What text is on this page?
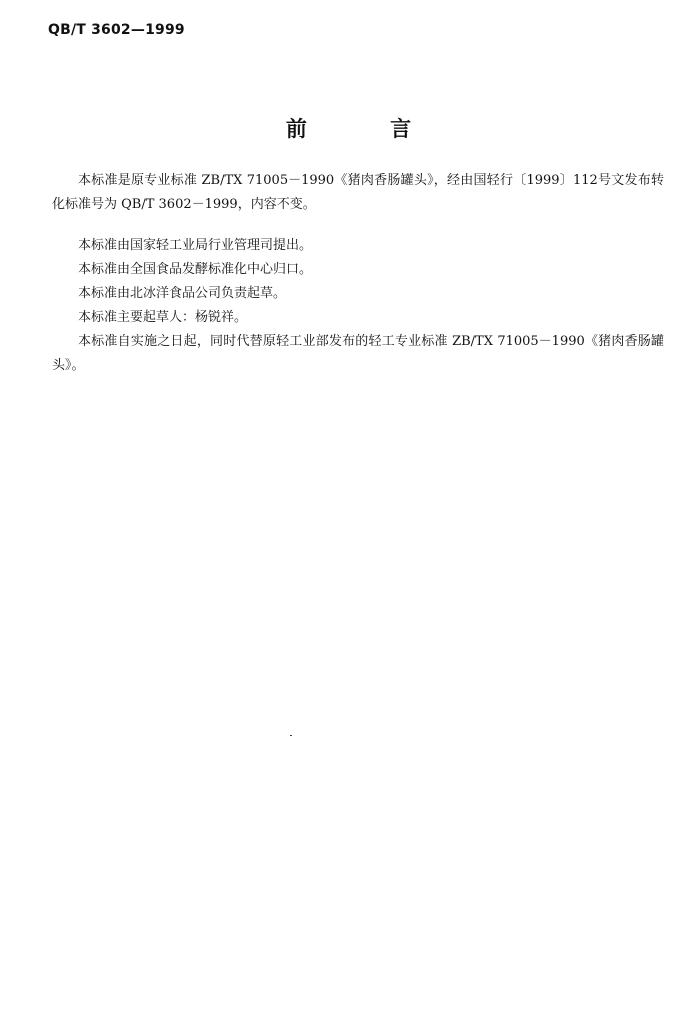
QB/T 3602—1999
前 言
本标准是原专业标准 ZB/TX 71005－1990《猪肉香肠罐头》，经由国轻行〔1999〕112号文发布转化标准号为 QB/T 3602－1999，内容不变。
本标准由国家轻工业局行业管理司提出。
本标准由全国食品发酵标准化中心归口。
本标准由北冰洋食品公司负责起草。
本标准主要起草人：杨锐祥。
本标准自实施之日起，同时代替原轻工业部发布的轻工专业标准 ZB/TX 71005－1990《猪肉香肠罐头》。
